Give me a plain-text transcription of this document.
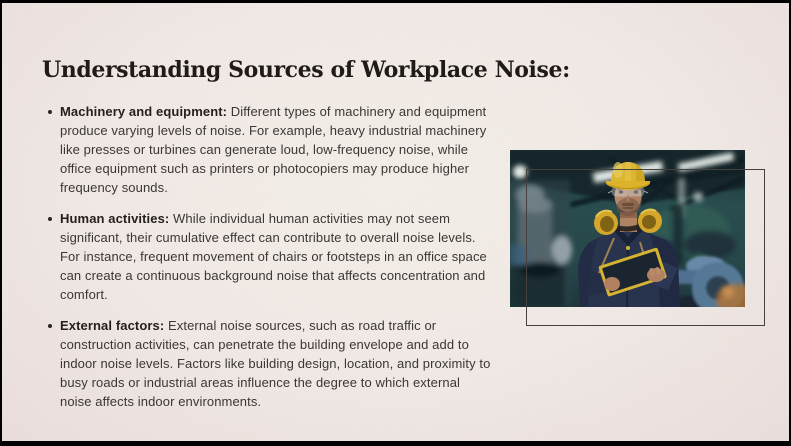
Understanding Sources of Workplace Noise:

Machinery and equipment: Different types of machinery and equipment produce varying levels of noise. For example, heavy industrial machinery like presses or turbines can generate loud, low-frequency noise, while office equipment such as printers or photocopiers may produce higher frequency sounds.

Human activities: While individual human activities may not seem significant, their cumulative effect can contribute to overall noise levels. For instance, frequent movement of chairs or footsteps in an office space can create a continuous background noise that affects concentration and comfort.

External factors: External noise sources, such as road traffic or construction activities, can penetrate the building envelope and add to indoor noise levels. Factors like building design, location, and proximity to busy roads or industrial areas influence the degree to which external noise affects indoor environments.
